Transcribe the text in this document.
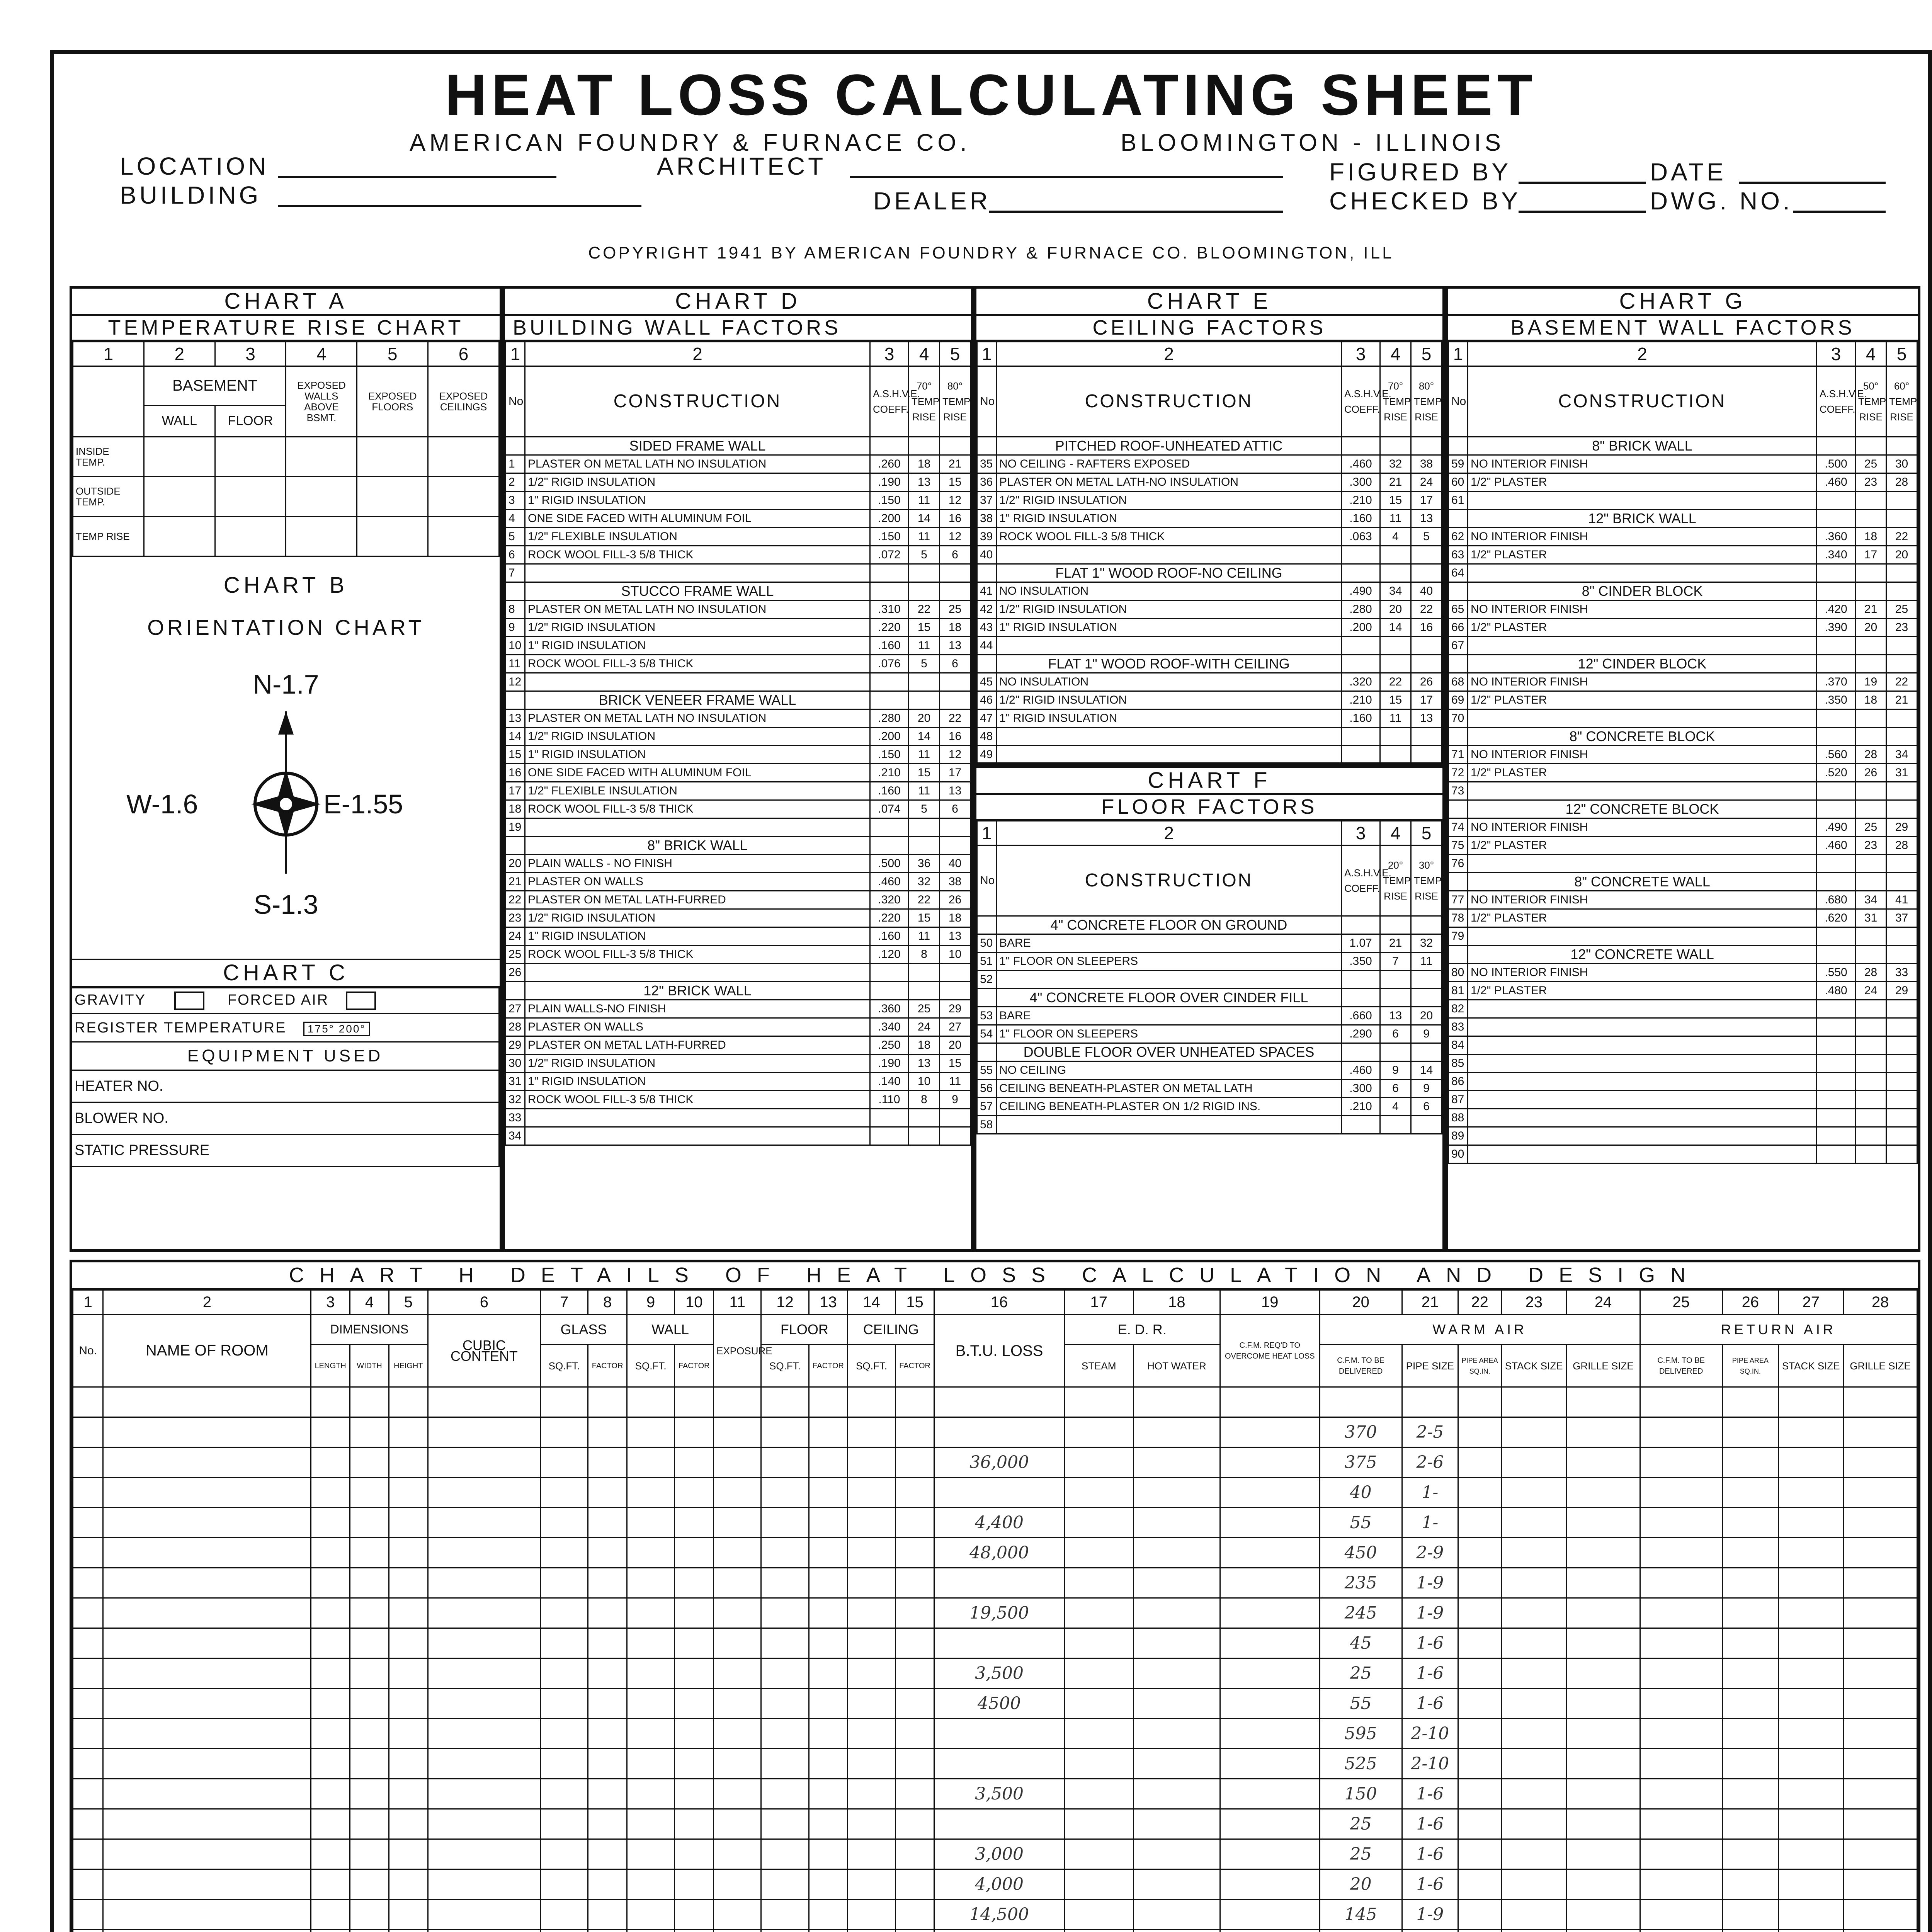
HEAT LOSS CALCULATING SHEET
AMERICAN FOUNDRY & FURNACE CO.	BLOOMINGTON - ILLINOIS
LOCATION	ARCHITECT	FIGURED BY	DATE
BUILDING	DEALER	CHECKED BY	DWG. NO.
COPYRIGHT 1941 BY AMERICAN FOUNDRY & FURNACE CO. BLOOMINGTON, ILL
CHART A
TEMPERATURE RISE CHART
1	2	3	4	5	6
	BASEMENT		EXPOSED WALLS ABOVE BSMT.	EXPOSED FLOORS	EXPOSED CEILINGS
	WALL	FLOOR			
INSIDE TEMP.					
OUTSIDE TEMP.					
TEMP RISE					
CHART B
ORIENTATION CHART
N-1.7
W-1.6	E-1.55
S-1.3
CHART C
GRAVITY	FORCED AIR
REGISTER TEMPERATURE 175° 200°
EQUIPMENT USED
HEATER NO.
BLOWER NO.
STATIC PRESSURE
CHART D
BUILDING WALL FACTORS
1	2	3	4	5
No.	CONSTRUCTION	A.S.H.V.E. COEFF.	70° TEMP RISE	80° TEMP RISE
	SIDED FRAME WALL			
1	PLASTER ON METAL LATH NO INSULATION	.260	18	21
2	1/2" RIGID INSULATION	.190	13	15
3	1" RIGID INSULATION	.150	11	12
4	ONE SIDE FACED WITH ALUMINUM FOIL	.200	14	16
5	1/2" FLEXIBLE INSULATION	.150	11	12
6	ROCK WOOL FILL-3 5/8 THICK	.072	5	6
7				
	STUCCO FRAME WALL			
8	PLASTER ON METAL LATH NO INSULATION	.310	22	25
9	1/2" RIGID INSULATION	.220	15	18
10	1" RIGID INSULATION	.160	11	13
11	ROCK WOOL FILL-3 5/8 THICK	.076	5	6
12				
	BRICK VENEER FRAME WALL			
13	PLASTER ON METAL LATH NO INSULATION	.280	20	22
14	1/2" RIGID INSULATION	.200	14	16
15	1" RIGID INSULATION	.150	11	12
16	ONE SIDE FACED WITH ALUMINUM FOIL	.210	15	17
17	1/2" FLEXIBLE INSULATION	.160	11	13
18	ROCK WOOL FILL-3 5/8 THICK	.074	5	6
19				
	8" BRICK WALL			
20	PLAIN WALLS - NO FINISH	.500	36	40
21	PLASTER ON WALLS	.460	32	38
22	PLASTER ON METAL LATH-FURRED	.320	22	26
23	1/2" RIGID INSULATION	.220	15	18
24	1" RIGID INSULATION	.160	11	13
25	ROCK WOOL FILL-3 5/8 THICK	.120	8	10
26				
	12" BRICK WALL			
27	PLAIN WALLS-NO FINISH	.360	25	29
28	PLASTER ON WALLS	.340	24	27
29	PLASTER ON METAL LATH-FURRED	.250	18	20
30	1/2" RIGID INSULATION	.190	13	15
31	1" RIGID INSULATION	.140	10	11
32	ROCK WOOL FILL-3 5/8 THICK	.110	8	9
33				
34				
CHART E
CEILING FACTORS
1	2	3	4	5
No.	CONSTRUCTION	A.S.H.V.E. COEFF.	70° TEMP RISE	80° TEMP RISE
	PITCHED ROOF-UNHEATED ATTIC			
35	NO CEILING - RAFTERS EXPOSED	.460	32	38
36	PLASTER ON METAL LATH-NO INSULATION	.300	21	24
37	1/2" RIGID INSULATION	.210	15	17
38	1" RIGID INSULATION	.160	11	13
39	ROCK WOOL FILL-3 5/8 THICK	.063	4	5
40				
	FLAT 1" WOOD ROOF-NO CEILING			
41	NO INSULATION	.490	34	40
42	1/2" RIGID INSULATION	.280	20	22
43	1" RIGID INSULATION	.200	14	16
44				
	FLAT 1" WOOD ROOF-WITH CEILING			
45	NO INSULATION	.320	22	26
46	1/2" RIGID INSULATION	.210	15	17
47	1" RIGID INSULATION	.160	11	13
48				
49				
CHART F
FLOOR FACTORS
1	2	3	4	5
No.	CONSTRUCTION	A.S.H.V.E. COEFF.	20° TEMP RISE	30° TEMP RISE
	4" CONCRETE FLOOR ON GROUND			
50	BARE	1.07	21	32
51	1" FLOOR ON SLEEPERS	.350	7	11
52				
	4" CONCRETE FLOOR OVER CINDER FILL			
53	BARE	.660	13	20
54	1" FLOOR ON SLEEPERS	.290	6	9
	DOUBLE FLOOR OVER UNHEATED SPACES			
55	NO CEILING	.460	9	14
56	CEILING BENEATH-PLASTER ON METAL LATH	.300	6	9
57	CEILING BENEATH-PLASTER ON 1/2 RIGID INS.	.210	4	6
58				
CHART G
BASEMENT WALL FACTORS
1	2	3	4	5
No.	CONSTRUCTION	A.S.H.V.E. COEFF.	50° TEMP RISE	60° TEMP RISE
	8" BRICK WALL			
59	NO INTERIOR FINISH	.500	25	30
60	1/2" PLASTER	.460	23	28
61				
	12" BRICK WALL			
62	NO INTERIOR FINISH	.360	18	22
63	1/2" PLASTER	.340	17	20
64				
	8" CINDER BLOCK			
65	NO INTERIOR FINISH	.420	21	25
66	1/2" PLASTER	.390	20	23
67				
	12" CINDER BLOCK			
68	NO INTERIOR FINISH	.370	19	22
69	1/2" PLASTER	.350	18	21
70				
	8" CONCRETE BLOCK			
71	NO INTERIOR FINISH	.560	28	34
72	1/2" PLASTER	.520	26	31
73				
	12" CONCRETE BLOCK			
74	NO INTERIOR FINISH	.490	25	29
75	1/2" PLASTER	.460	23	28
76				
	8" CONCRETE WALL			
77	NO INTERIOR FINISH	.680	34	41
78	1/2" PLASTER	.620	31	37
79				
	12" CONCRETE WALL			
80	NO INTERIOR FINISH	.550	28	33
81	1/2" PLASTER	.480	24	29
82				
83				
84				
85				
86				
87				
88				
89				
90				
CHART H DETAILS OF HEAT LOSS CALCULATION AND DESIGN
1	2	3	4	5	6	7	8	9	10	11	12	13	14	15	16	17	18	19	20	21	22	23	24	25	26	27	28
No.	NAME OF ROOM	DIMENSIONS			CUBIC CONTENT	GLASS		WALL		EXPOSURE	FLOOR		CEILING		B.T.U. LOSS	E. D. R.		C.F.M. REQ'D TO OVERCOME HEAT LOSS	WARM AIR					RETURN AIR			
		LENGTH	WIDTH	HEIGHT		SQ.FT.	FACTOR	SQ.FT.	FACTOR		SQ.FT.	FACTOR	SQ.FT.	FACTOR		STEAM	HOT WATER		C.F.M. TO BE DELIVERED	PIPE SIZE	PIPE AREA SQ.IN.	STACK SIZE	GRILLE SIZE	C.F.M. TO BE DELIVERED	PIPE AREA SQ.IN.	STACK SIZE	GRILLE SIZE

																			370	2-5							
															36,000				375	2-6							
																			40	1-							
															4,400				55	1-							
															48,000				450	2-9							
																			235	1-9							
															19,500				245	1-9							
																			45	1-6							
															3,500				25	1-6							
															4500				55	1-6							
																			595	2-10							
																			525	2-10							
															3,500				150	1-6							
																			25	1-6							
															3,000				25	1-6							
															4,000				20	1-6							
															14,500				145	1-9							
